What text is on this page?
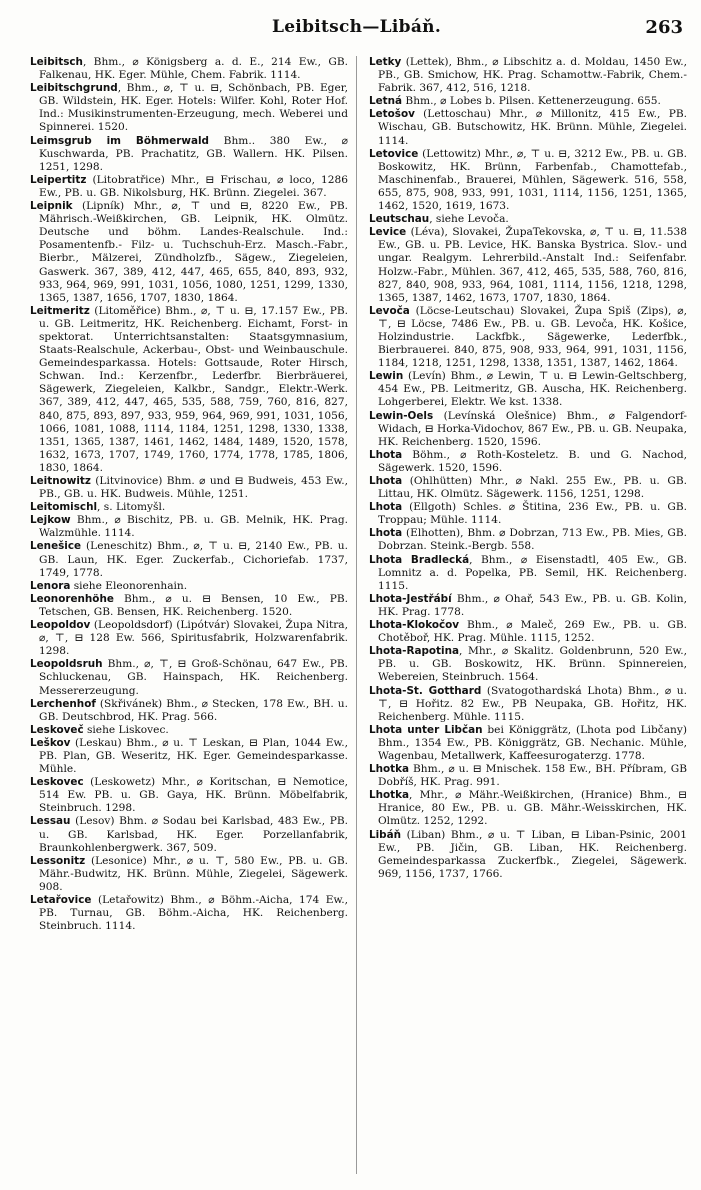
Leibitsch—Libáň.	263

Leibitsch, Bhm., ⌀ Königsberg a. d. E., 214 Ew., GB. Falkenau, HK. Eger. Mühle, Chem. Fabrik. 1114.

Leibitschgrund, Bhm., ⌀, ⊤ u. ⊟, Schönbach, PB. Eger, GB. Wildstein, HK. Eger. Hotels: Wilfer. Kohl, Roter Hof. Ind.: Musikinstrumenten-Erzeugung, mech. Weberei und Spinnerei. 1520.

Leimsgrub im Böhmerwald Bhm.. 380 Ew., ⌀ Kuschwarda, PB. Prachatitz, GB. Wallern. HK. Pilsen. 1251, 1298.

Leipertitz (Litobratřice) Mhr., ⊟ Frischau, ⌀ loco, 1286 Ew., PB. u. GB. Nikolsburg, HK. Brünn. Ziegelei. 367.

Leipnik (Lipník) Mhr., ⌀, ⊤ und ⊟, 8220 Ew., PB. Mährisch.-Weißkirchen, GB. Leipnik, HK. Olmütz. Deutsche und böhm. Landes-Realschule. Ind.: Posamentenfb.- Filz- u. Tuchschuh-Erz. Masch.-Fabr., Bierbr., Mälzerei, Zündholzfb., Sägew., Ziegeleien, Gaswerk. 367, 389, 412, 447, 465, 655, 840, 893, 932, 933, 964, 969, 991, 1031, 1056, 1080, 1251, 1299, 1330, 1365, 1387, 1656, 1707, 1830, 1864.

Leitmeritz (Litoměřice) Bhm., ⌀, ⊤ u. ⊟, 17.157 Ew., PB. u. GB. Leitmeritz, HK. Reichenberg. Eichamt, Forst- in spektorat. Unterrichtsanstalten: Staatsgymnasium, Staats-Realschule, Ackerbau-, Obst- und Weinbauschule. Gemeindesparkassa. Hotels: Gottsaude, Roter Hirsch, Schwan. Ind.: Kerzenfbr., Lederfbr. Bierbräuerei, Sägewerk, Ziegeleien, Kalkbr., Sandgr., Elektr.-Werk. 367, 389, 412, 447, 465, 535, 588, 759, 760, 816, 827, 840, 875, 893, 897, 933, 959, 964, 969, 991, 1031, 1056, 1066, 1081, 1088, 1114, 1184, 1251, 1298, 1330, 1338, 1351, 1365, 1387, 1461, 1462, 1484, 1489, 1520, 1578, 1632, 1673, 1707, 1749, 1760, 1774, 1778, 1785, 1806, 1830, 1864.

Leitnowitz (Litvinovice) Bhm. ⌀ und ⊟ Budweis, 453 Ew., PB., GB. u. HK. Budweis. Mühle, 1251.

Leitomischl, s. Litomyšl.

Lejkow Bhm., ⌀ Bischitz, PB. u. GB. Melnik, HK. Prag. Walzmühle. 1114.

Lenešice (Leneschitz) Bhm., ⌀, ⊤ u. ⊟, 2140 Ew., PB. u. GB. Laun, HK. Eger. Zuckerfab., Cichoriefab. 1737, 1749, 1778.

Lenora siehe Eleonorenhain.

Leonorenhöhe Bhm., ⌀ u. ⊟ Bensen, 10 Ew., PB. Tetschen, GB. Bensen, HK. Reichenberg. 1520.

Leopoldov (Leopoldsdorf) (Lipótvár) Slovakei, Župa Nitra, ⌀, ⊤, ⊟ 128 Ew. 566, Spiritusfabrik, Holzwarenfabrik. 1298.

Leopoldsruh Bhm., ⌀, ⊤, ⊟ Groß-Schönau, 647 Ew., PB. Schluckenau, GB. Hainspach, HK. Reichenberg. Messererzeugung.

Lerchenhof (Skřivánek) Bhm., ⌀ Stecken, 178 Ew., BH. u. GB. Deutschbrod, HK. Prag. 566.

Leskoveč siehe Liskovec.

Leškov (Leskau) Bhm., ⌀ u. ⊤ Leskan, ⊟ Plan, 1044 Ew., PB. Plan, GB. Weseritz, HK. Eger. Gemeindesparkasse. Mühle.

Leskovec (Leskowetz) Mhr., ⌀ Koritschan, ⊟ Nemotice, 514 Ew. PB. u. GB. Gaya, HK. Brünn. Möbelfabrik, Steinbruch. 1298.

Lessau (Lesov) Bhm. ⌀ Sodau bei Karlsbad, 483 Ew., PB. u. GB. Karlsbad, HK. Eger. Porzellanfabrik, Braunkohlenbergwerk. 367, 509.

Lessonitz (Lesonice) Mhr., ⌀ u. ⊤, 580 Ew., PB. u. GB. Mähr.-Budwitz, HK. Brünn. Mühle, Ziegelei, Sägewerk. 908.

Letařovice (Letařowitz) Bhm., ⌀ Böhm.-Aicha, 174 Ew., PB. Turnau, GB. Böhm.-Aicha, HK. Reichenberg. Steinbruch. 1114.

Letky (Lettek), Bhm., ⌀ Libschitz a. d. Moldau, 1450 Ew., PB., GB. Smichow, HK. Prag. Schamottw.-Fabrik, Chem.-Fabrik. 367, 412, 516, 1218.

Letná Bhm., ⌀ Lobes b. Pilsen. Kettenerzeugung. 655.

Letošov (Lettoschau) Mhr., ⌀ Millonitz, 415 Ew., PB. Wischau, GB. Butschowitz, HK. Brünn. Mühle, Ziegelei. 1114.

Letovice (Lettowitz) Mhr., ⌀, ⊤ u. ⊟, 3212 Ew., PB. u. GB. Boskowitz, HK. Brünn, Farbenfab., Chamottefab., Maschinenfab., Brauerei, Mühlen, Sägewerk. 516, 558, 655, 875, 908, 933, 991, 1031, 1114, 1156, 1251, 1365, 1462, 1520, 1619, 1673.

Leutschau, siehe Levoča.

Levice (Léva), Slovakei, ŽupaTekovska, ⌀, ⊤ u. ⊟, 11.538 Ew., GB. u. PB. Levice, HK. Banska Bystrica. Slov.- und ungar. Realgym. Lehrerbild.-Anstalt Ind.: Seifenfabr. Holzw.-Fabr., Mühlen. 367, 412, 465, 535, 588, 760, 816, 827, 840, 908, 933, 964, 1081, 1114, 1156, 1218, 1298, 1365, 1387, 1462, 1673, 1707, 1830, 1864.

Levoča (Löcse-Leutschau) Slovakei, Župa Spiš (Zips), ⌀, ⊤, ⊟ Löcse, 7486 Ew., PB. u. GB. Levoča, HK. Košice, Holzindustrie. Lackfbk., Sägewerke, Lederfbk., Bierbrauerei. 840, 875, 908, 933, 964, 991, 1031, 1156, 1184, 1218, 1251, 1298, 1338, 1351, 1387, 1462, 1864.

Lewin (Levín) Bhm., ⌀ Lewin, ⊤ u. ⊟ Lewin-Geltschberg, 454 Ew., PB. Leitmeritz, GB. Auscha, HK. Reichenberg. Lohgerberei, Elektr. We kst. 1338.

Lewin-Oels (Levínská Olešnice) Bhm., ⌀ Falgendorf-Widach, ⊟ Horka-Vidochov, 867 Ew., PB. u. GB. Neupaka, HK. Reichenberg. 1520, 1596.

Lhota Böhm., ⌀ Roth-Kosteletz. B. und G. Nachod, Sägewerk. 1520, 1596.

Lhota (Ohlhütten) Mhr., ⌀ Nakl. 255 Ew., PB. u. GB. Littau, HK. Olmütz. Sägewerk. 1156, 1251, 1298.

Lhota (Ellgoth) Schles. ⌀ Štitina, 236 Ew., PB. u. GB. Troppau; Mühle. 1114.

Lhota (Elhotten), Bhm. ⌀ Dobrzan, 713 Ew., PB. Mies, GB. Dobrzan. Steink.-Bergb. 558.

Lhota Bradlecká, Bhm., ⌀ Eisenstadtl, 405 Ew., GB. Lomnitz a. d. Popelka, PB. Semil, HK. Reichenberg. 1115.

Lhota-Jestřábí Bhm., ⌀ Ohař, 543 Ew., PB. u. GB. Kolin, HK. Prag. 1778.

Lhota-Klokočov Bhm., ⌀ Maleč, 269 Ew., PB. u. GB. Chotěboř, HK. Prag. Mühle. 1115, 1252.

Lhota-Rapotina, Mhr., ⌀ Skalitz. Goldenbrunn, 520 Ew., PB. u. GB. Boskowitz, HK. Brünn. Spinnereien, Webereien, Steinbruch. 1564.

Lhota-St. Gotthard (Svatogothardská Lhota) Bhm., ⌀ u. ⊤, ⊟ Hořitz. 82 Ew., PB Neupaka, GB. Hořitz, HK. Reichenberg. Mühle. 1115.

Lhota unter Libčan bei Königgrätz, (Lhota pod Libčany) Bhm., 1354 Ew., PB. Königgrätz, GB. Nechanic. Mühle, Wagenbau, Metallwerk, Kaffeesurogaterzg. 1778.

Lhotka Bhm., ⌀ u. ⊟ Mnischek. 158 Ew., BH. Příbram, GB Dobříš, HK. Prag. 991.

Lhotka, Mhr., ⌀ Mähr.-Weißkirchen, (Hranice) Bhm., ⊟ Hranice, 80 Ew., PB. u. GB. Mähr.-Weisskirchen, HK. Olmütz. 1252, 1292.

Libáň (Liban) Bhm., ⌀ u. ⊤ Liban, ⊟ Liban-Psinic, 2001 Ew., PB. Jičin, GB. Liban, HK. Reichenberg. Gemeindesparkassa Zuckerfbk., Ziegelei, Sägewerk. 969, 1156, 1737, 1766.
